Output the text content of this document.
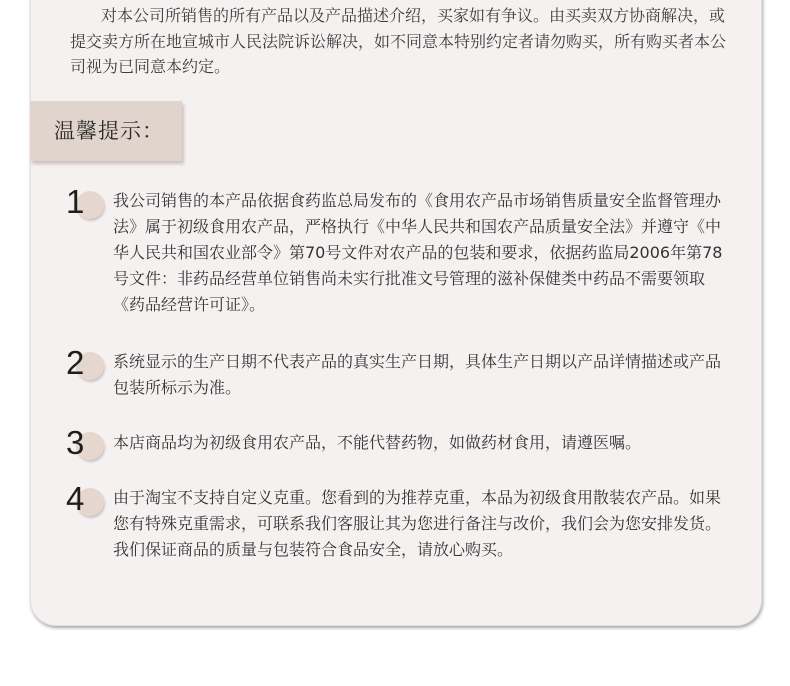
对本公司所销售的所有产品以及产品描述介绍，买家如有争议。由买卖双方协商解决，或提交卖方所在地宣城市人民法院诉讼解决，如不同意本特别约定者请勿购买，所有购买者本公司视为已同意本约定。

温馨提示：
1 我公司销售的本产品依据食药监总局发布的《食用农产品市场销售质量安全监督管理办法》属于初级食用农产品，严格执行《中华人民共和国农产品质量安全法》并遵守《中华人民共和国农业部令》第70号文件对农产品的包装和要求，依据药监局2006年第78号文件：非药品经营单位销售尚未实行批准文号管理的滋补保健类中药品不需要领取《药品经营许可证》。

2 系统显示的生产日期不代表产品的真实生产日期，具体生产日期以产品详情描述或产品包装所标示为准。

3 本店商品均为初级食用农产品，不能代替药物，如做药材食用，请遵医嘱。

4 由于淘宝不支持自定义克重。您看到的为推荐克重，本品为初级食用散装农产品。如果您有特殊克重需求，可联系我们客服让其为您进行备注与改价，我们会为您安排发货。我们保证商品的质量与包装符合食品安全，请放心购买。
